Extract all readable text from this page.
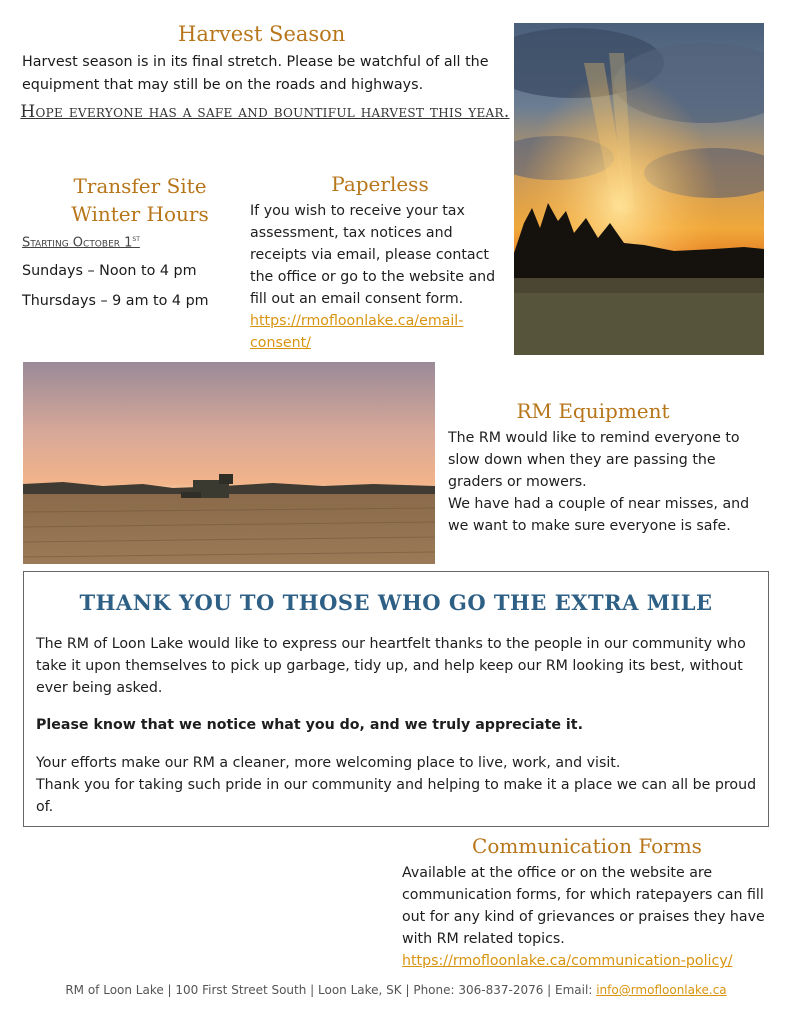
Harvest Season

Harvest season is in its final stretch. Please be watchful of all the equipment that may still be on the roads and highways.

Hope everyone has a safe and bountiful harvest this year.

Transfer Site
Winter Hours

Starting October 1st

Sundays – Noon to 4 pm

Thursdays – 9 am to 4 pm

Paperless
If you wish to receive your tax assessment, tax notices and receipts via email, please contact the office or go to the website and fill out an email consent form.
https://rmofloonlake.ca/email-consent/
RM Equipment

The RM would like to remind everyone to slow down when they are passing the graders or mowers.

We have had a couple of near misses, and we want to make sure everyone is safe.

THANK YOU TO THOSE WHO GO THE EXTRA MILE

The RM of Loon Lake would like to express our heartfelt thanks to the people in our community who take it upon themselves to pick up garbage, tidy up, and help keep our RM looking its best, without ever being asked.

Please know that we notice what you do, and we truly appreciate it.

Your efforts make our RM a cleaner, more welcoming place to live, work, and visit.

Thank you for taking such pride in our community and helping to make it a place we can all be proud of.

Communication Forms
Available at the office or on the website are communication forms, for which ratepayers can fill out for any kind of grievances or praises they have with RM related topics.
https://rmofloonlake.ca/communication-policy/

RM of Loon Lake | 100 First Street South | Loon Lake, SK | Phone: 306-837-2076 | Email: info@rmofloonlake.ca
